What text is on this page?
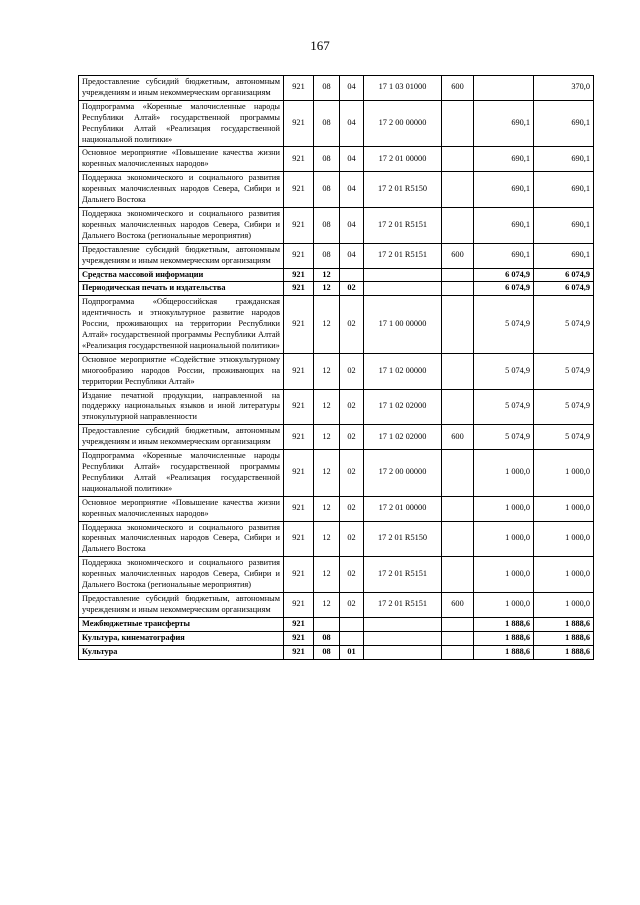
167
Предоставление субсидий бюджетным, автономным учреждениям и иным некоммерческим организациям	921	08	04	17 1 03 01000	600		370,0
Подпрограмма «Коренные малочисленные народы Республики Алтай» государственной программы Республики Алтай «Реализация государственной национальной политики»	921	08	04	17 2 00 00000		690,1	690,1
Основное мероприятие «Повышение качества жизни коренных малочисленных народов»	921	08	04	17 2 01 00000		690,1	690,1
Поддержка экономического и социального развития коренных малочисленных народов Севера, Сибири и Дальнего Востока	921	08	04	17 2 01 R5150		690,1	690,1
Поддержка экономического и социального развития коренных малочисленных народов Севера, Сибири и Дальнего Востока (региональные мероприятия)	921	08	04	17 2 01 R5151		690,1	690,1
Предоставление субсидий бюджетным, автономным учреждениям и иным некоммерческим организациям	921	08	04	17 2 01 R5151	600	690,1	690,1
Средства массовой информации	921	12				6 074,9	6 074,9
Периодическая печать и издательства	921	12	02			6 074,9	6 074,9
Подпрограмма «Общероссийская гражданская идентичность и этнокультурное развитие народов России, проживающих на территории Республики Алтай» государственной программы Республики Алтай «Реализация государственной национальной политики»	921	12	02	17 1 00 00000		5 074,9	5 074,9
Основное мероприятие «Содействие этнокультурному многообразию народов России, проживающих на территории Республики Алтай»	921	12	02	17 1 02 00000		5 074,9	5 074,9
Издание печатной продукции, направленной на поддержку национальных языков и иной литературы этнокультурной направленности	921	12	02	17 1 02 02000		5 074,9	5 074,9
Предоставление субсидий бюджетным, автономным учреждениям и иным некоммерческим организациям	921	12	02	17 1 02 02000	600	5 074,9	5 074,9
Подпрограмма «Коренные малочисленные народы Республики Алтай» государственной программы Республики Алтай «Реализация государственной национальной политики»	921	12	02	17 2 00 00000		1 000,0	1 000,0
Основное мероприятие «Повышение качества жизни коренных малочисленных народов»	921	12	02	17 2 01 00000		1 000,0	1 000,0
Поддержка экономического и социального развития коренных малочисленных народов Севера, Сибири и Дальнего Востока	921	12	02	17 2 01 R5150		1 000,0	1 000,0
Поддержка экономического и социального развития коренных малочисленных народов Севера, Сибири и Дальнего Востока (региональные мероприятия)	921	12	02	17 2 01 R5151		1 000,0	1 000,0
Предоставление субсидий бюджетным, автономным учреждениям и иным некоммерческим организациям	921	12	02	17 2 01 R5151	600	1 000,0	1 000,0
Межбюджетные трансферты	921					1 888,6	1 888,6
Культура, кинематография	921	08				1 888,6	1 888,6
Культура	921	08	01			1 888,6	1 888,6
